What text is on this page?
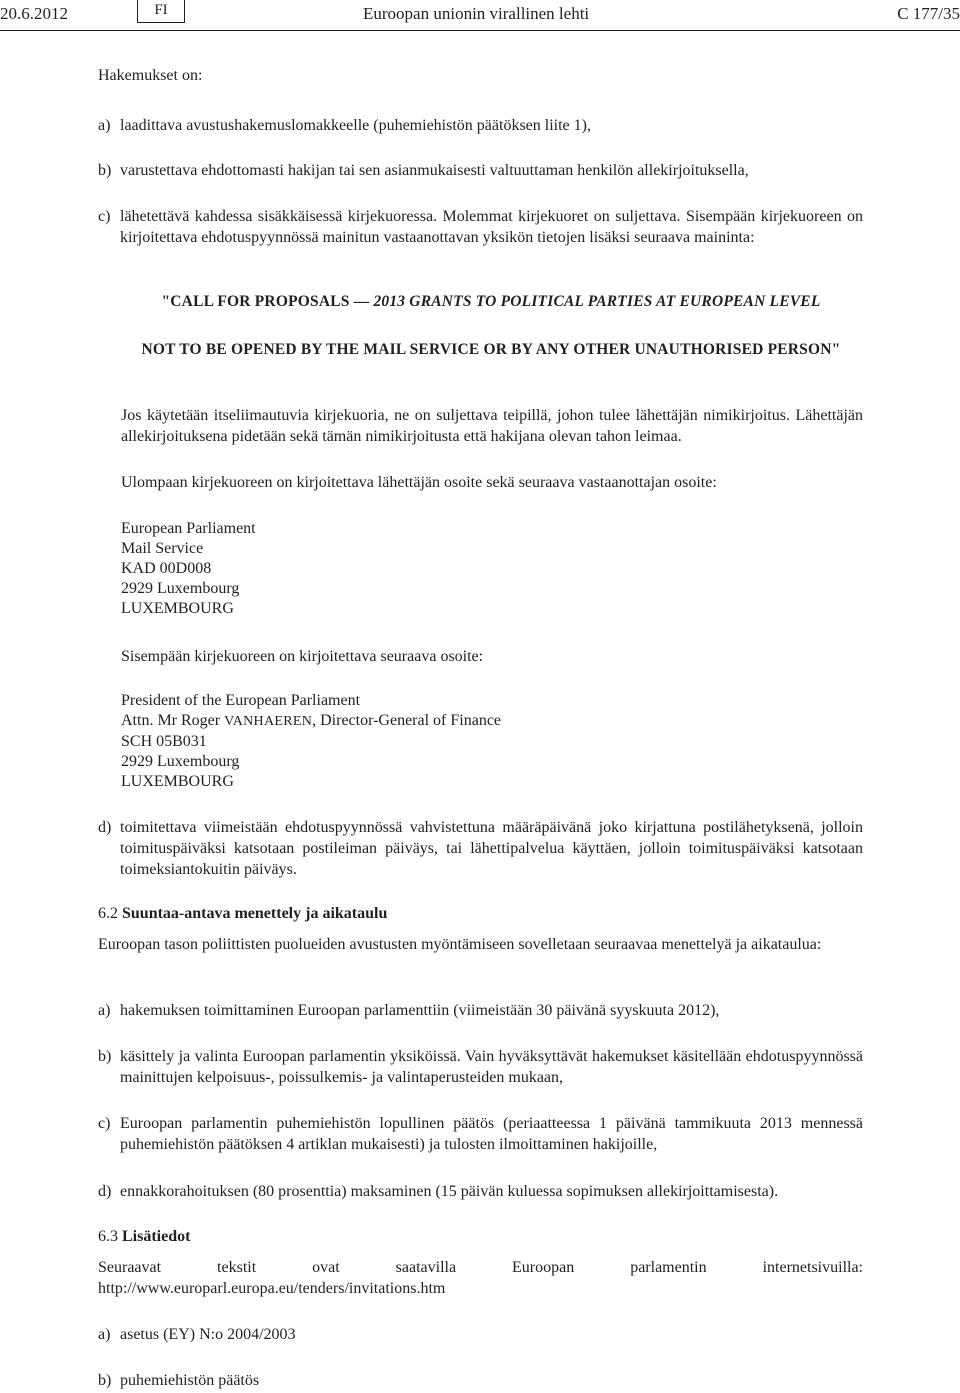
20.6.2012	FI	Euroopan unionin virallinen lehti	C 177/35
Hakemukset on:
a) laadittava avustushakemuslomakkeelle (puhemiehistön päätöksen liite 1),
b) varustettava ehdottomasti hakijan tai sen asianmukaisesti valtuuttaman henkilön allekirjoituksella,
c) lähetettävä kahdessa sisäkkäisessä kirjekuoressa. Molemmat kirjekuoret on suljettava. Sisempään kirjekuoreen on kirjoitettava ehdotuspyynnössä mainitun vastaanottavan yksikön tietojen lisäksi seuraava maininta:
"CALL FOR PROPOSALS — 2013 GRANTS TO POLITICAL PARTIES AT EUROPEAN LEVEL
NOT TO BE OPENED BY THE MAIL SERVICE OR BY ANY OTHER UNAUTHORISED PERSON"
Jos käytetään itseliimautuvia kirjekuoria, ne on suljettava teipillä, johon tulee lähettäjän nimikirjoitus. Lähettäjän allekirjoituksena pidetään sekä tämän nimikirjoitusta että hakijana olevan tahon leimaa.
Ulompaan kirjekuoreen on kirjoitettava lähettäjän osoite sekä seuraava vastaanottajan osoite:
European Parliament
Mail Service
KAD 00D008
2929 Luxembourg
LUXEMBOURG
Sisempään kirjekuoreen on kirjoitettava seuraava osoite:
President of the European Parliament
Attn. Mr Roger VANHAEREN, Director-General of Finance
SCH 05B031
2929 Luxembourg
LUXEMBOURG
d) toimitettava viimeistään ehdotuspyynnössä vahvistettuna määräpäivänä joko kirjattuna postilähetyksenä, jolloin toimituspäiväksi katsotaan postileiman päiväys, tai lähettipalvelua käyttäen, jolloin toimituspäiväksi katsotaan toimeksiantokuitin päiväys.
6.2 Suuntaa-antava menettely ja aikataulu
Euroopan tason poliittisten puolueiden avustusten myöntämiseen sovelletaan seuraavaa menettelyä ja aikataulua:
a) hakemuksen toimittaminen Euroopan parlamenttiin (viimeistään 30 päivänä syyskuuta 2012),
b) käsittely ja valinta Euroopan parlamentin yksiköissä. Vain hyväksyttävät hakemukset käsitellään ehdotuspyynnössä mainittujen kelpoisuus-, poissulkemis- ja valintaperusteiden mukaan,
c) Euroopan parlamentin puhemiehistön lopullinen päätös (periaatteessa 1 päivänä tammikuuta 2013 mennessä puhemiehistön päätöksen 4 artiklan mukaisesti) ja tulosten ilmoittaminen hakijoille,
d) ennakkorahoituksen (80 prosenttia) maksaminen (15 päivän kuluessa sopimuksen allekirjoittamisesta).
6.3 Lisätiedot
Seuraavat tekstit ovat saatavilla Euroopan parlamentin internetsivuilla: http://www.europarl.europa.eu/tenders/invitations.htm
a) asetus (EY) N:o 2004/2003
b) puhemiehistön päätös
